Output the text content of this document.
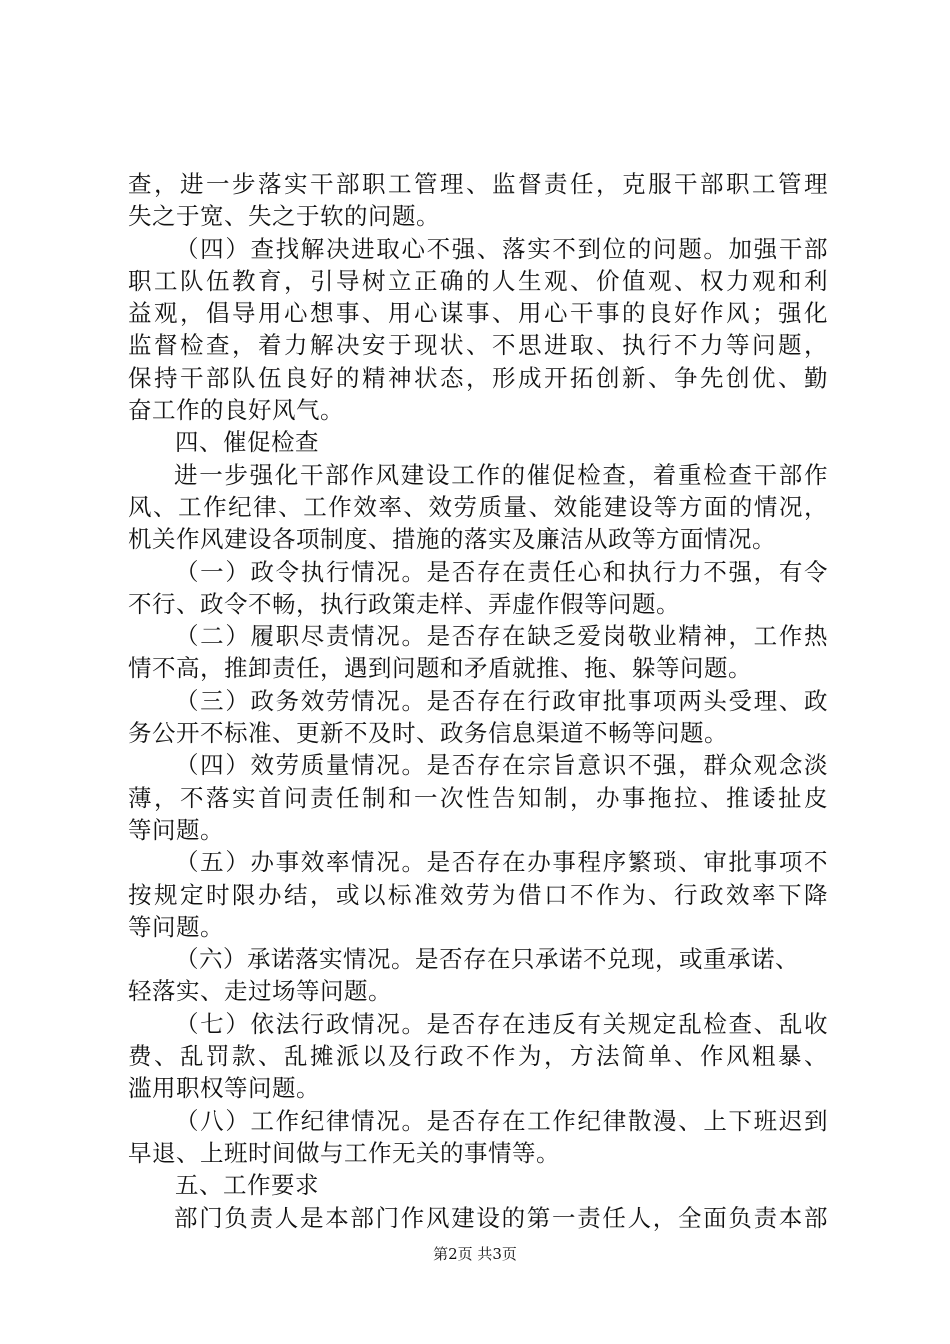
查，进一步落实干部职工管理、监督责任，克服干部职工管理
失之于宽、失之于软的问题。
（四）查找解决进取心不强、落实不到位的问题。加强干部
职工队伍教育，引导树立正确的人生观、价值观、权力观和利
益观，倡导用心想事、用心谋事、用心干事的良好作风；强化
监督检查，着力解决安于现状、不思进取、执行不力等问题，
保持干部队伍良好的精神状态，形成开拓创新、争先创优、勤
奋工作的良好风气。
四、催促检查
进一步强化干部作风建设工作的催促检查，着重检查干部作
风、工作纪律、工作效率、效劳质量、效能建设等方面的情况，
机关作风建设各项制度、措施的落实及廉洁从政等方面情况。
（一）政令执行情况。是否存在责任心和执行力不强，有令
不行、政令不畅，执行政策走样、弄虚作假等问题。
（二）履职尽责情况。是否存在缺乏爱岗敬业精神，工作热
情不高，推卸责任，遇到问题和矛盾就推、拖、躲等问题。
（三）政务效劳情况。是否存在行政审批事项两头受理、政
务公开不标准、更新不及时、政务信息渠道不畅等问题。
（四）效劳质量情况。是否存在宗旨意识不强，群众观念淡
薄，不落实首问责任制和一次性告知制，办事拖拉、推诿扯皮
等问题。
（五）办事效率情况。是否存在办事程序繁琐、审批事项不
按规定时限办结，或以标准效劳为借口不作为、行政效率下降
等问题。
（六）承诺落实情况。是否存在只承诺不兑现，或重承诺、
轻落实、走过场等问题。
（七）依法行政情况。是否存在违反有关规定乱检查、乱收
费、乱罚款、乱摊派以及行政不作为，方法简单、作风粗暴、
滥用职权等问题。
（八）工作纪律情况。是否存在工作纪律散漫、上下班迟到
早退、上班时间做与工作无关的事情等。
五、工作要求
部门负责人是本部门作风建设的第一责任人，全面负责本部
第2页 共3页
